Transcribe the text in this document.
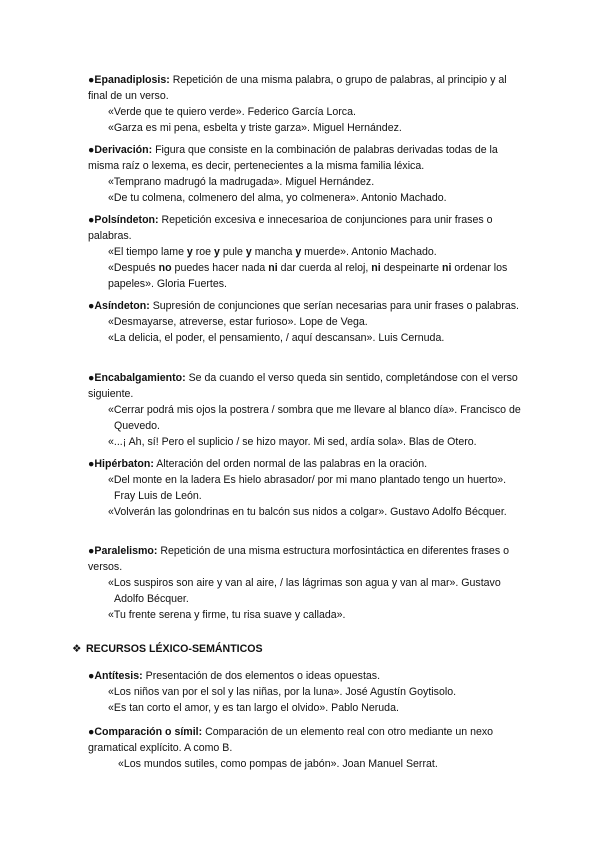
●Epanadiplosis: Repetición de una misma palabra, o grupo de palabras, al principio y al final de un verso.

«Verde que te quiero verde». Federico García Lorca.

«Garza es mi pena, esbelta y triste garza». Miguel Hernández.

●Derivación: Figura que consiste en la combinación de palabras derivadas todas de la misma raíz o lexema, es decir, pertenecientes a la misma familia léxica.

«Temprano madrugó la madrugada». Miguel Hernández.

«De tu colmena, colmenero del alma, yo colmenera». Antonio Machado.

●Polsíndeton: Repetición excesiva e innecesarioa de conjunciones para unir frases o palabras.

«El tiempo lame y roe y pule y mancha y muerde». Antonio Machado.

«Después no puedes hacer nada ni dar cuerda al reloj, ni despeinarte ni ordenar los papeles». Gloria Fuertes.

●Asíndeton: Supresión de conjunciones que serían necesarias para unir frases o palabras.

«Desmayarse, atreverse, estar furioso». Lope de Vega.

«La delicia, el poder, el pensamiento, / aquí descansan». Luis Cernuda.

●Encabalgamiento: Se da cuando el verso queda sin sentido, completándose con el verso siguiente.

«Cerrar podrá mis ojos la postrera / sombra que me llevare al blanco día». Francisco de Quevedo.

«...¡ Ah, sí! Pero el suplicio / se hizo mayor. Mi sed, ardía sola». Blas de Otero.

●Hipérbaton: Alteración del orden normal de las palabras en la oración.

«Del monte en la ladera Es hielo abrasador/ por mi mano plantado tengo un huerto». Fray Luis de León.

«Volverán las golondrinas en tu balcón sus nidos a colgar». Gustavo Adolfo Bécquer.

●Paralelismo: Repetición de una misma estructura morfosintáctica en diferentes frases o versos.

«Los suspiros son aire y van al aire, / las lágrimas son agua y van al mar». Gustavo Adolfo Bécquer.

«Tu frente serena y firme, tu risa suave y callada».

❖ RECURSOS LÉXICO-SEMÁNTICOS

●Antítesis: Presentación de dos elementos o ideas opuestas.

«Los niños van por el sol y las niñas, por la luna». José Agustín Goytisolo.

«Es tan corto el amor, y es tan largo el olvido». Pablo Neruda.

●Comparación o símil: Comparación de un elemento real con otro mediante un nexo gramatical explícito. A como B.

«Los mundos sutiles, como pompas de jabón». Joan Manuel Serrat.
